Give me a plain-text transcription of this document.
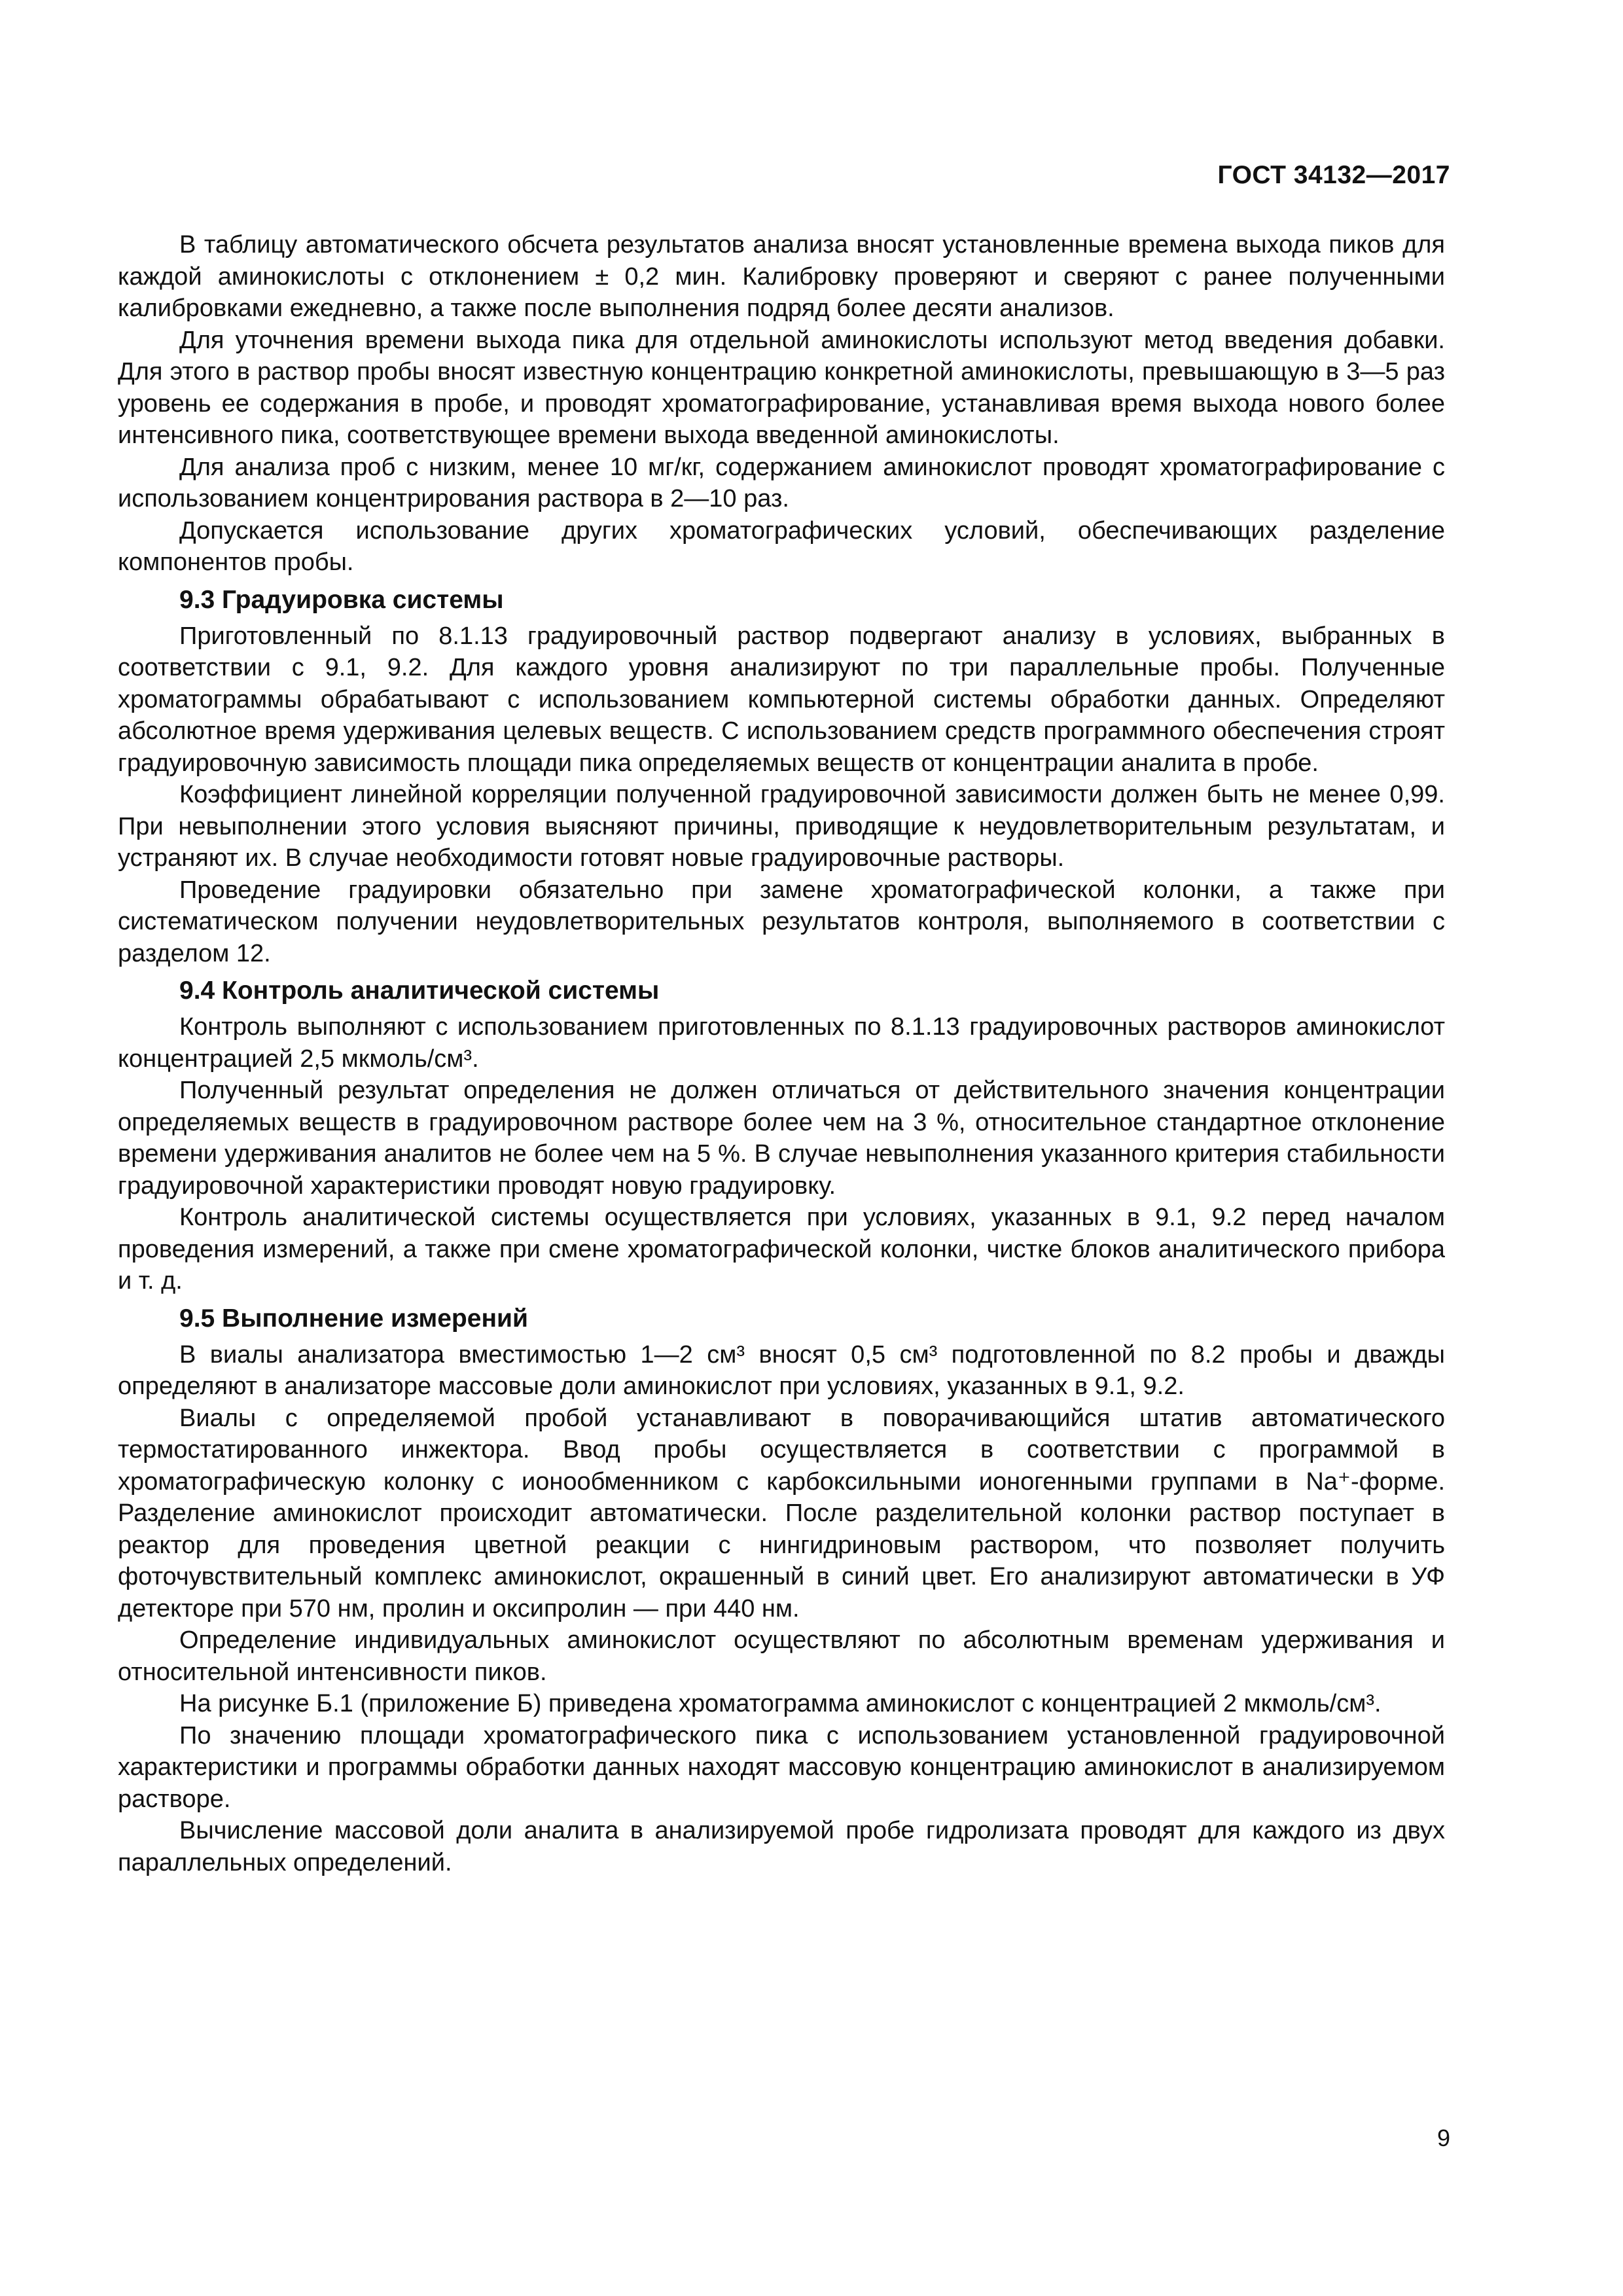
ГОСТ 34132—2017

В таблицу автоматического обсчета результатов анализа вносят установленные времена выхода пиков для каждой аминокислоты с отклонением ± 0,2 мин. Калибровку проверяют и сверяют с ранее полученными калибровками ежедневно, а также после выполнения подряд более десяти анализов.

Для уточнения времени выхода пика для отдельной аминокислоты используют метод введения добавки. Для этого в раствор пробы вносят известную концентрацию конкретной аминокислоты, превышающую в 3—5 раз уровень ее содержания в пробе, и проводят хроматографирование, устанавливая время выхода нового более интенсивного пика, соответствующее времени выхода введенной аминокислоты.

Для анализа проб с низким, менее 10 мг/кг, содержанием аминокислот проводят хроматографирование с использованием концентрирования раствора в 2—10 раз.

Допускается использование других хроматографических условий, обеспечивающих разделение компонентов пробы.

9.3 Градуировка системы

Приготовленный по 8.1.13 градуировочный раствор подвергают анализу в условиях, выбранных в соответствии с 9.1, 9.2. Для каждого уровня анализируют по три параллельные пробы. Полученные хроматограммы обрабатывают с использованием компьютерной системы обработки данных. Определяют абсолютное время удерживания целевых веществ. С использованием средств программного обеспечения строят градуировочную зависимость площади пика определяемых веществ от концентрации аналита в пробе.

Коэффициент линейной корреляции полученной градуировочной зависимости должен быть не менее 0,99. При невыполнении этого условия выясняют причины, приводящие к неудовлетворительным результатам, и устраняют их. В случае необходимости готовят новые градуировочные растворы.

Проведение градуировки обязательно при замене хроматографической колонки, а также при систематическом получении неудовлетворительных результатов контроля, выполняемого в соответствии с разделом 12.

9.4 Контроль аналитической системы

Контроль выполняют с использованием приготовленных по 8.1.13 градуировочных растворов аминокислот концентрацией 2,5 мкмоль/см³.

Полученный результат определения не должен отличаться от действительного значения концентрации определяемых веществ в градуировочном растворе более чем на 3 %, относительное стандартное отклонение времени удерживания аналитов не более чем на 5 %. В случае невыполнения указанного критерия стабильности градуировочной характеристики проводят новую градуировку.

Контроль аналитической системы осуществляется при условиях, указанных в 9.1, 9.2 перед началом проведения измерений, а также при смене хроматографической колонки, чистке блоков аналитического прибора и т. д.

9.5 Выполнение измерений

В виалы анализатора вместимостью 1—2 см³ вносят 0,5 см³ подготовленной по 8.2 пробы и дважды определяют в анализаторе массовые доли аминокислот при условиях, указанных в 9.1, 9.2.

Виалы с определяемой пробой устанавливают в поворачивающийся штатив автоматического термостатированного инжектора. Ввод пробы осуществляется в соответствии с программой в хроматографическую колонку с ионообменником с карбоксильными ионогенными группами в Na⁺-форме. Разделение аминокислот происходит автоматически. После разделительной колонки раствор поступает в реактор для проведения цветной реакции с нингидриновым раствором, что позволяет получить фоточувствительный комплекс аминокислот, окрашенный в синий цвет. Его анализируют автоматически в УФ детекторе при 570 нм, пролин и оксипролин — при 440 нм.

Определение индивидуальных аминокислот осуществляют по абсолютным временам удерживания и относительной интенсивности пиков.

На рисунке Б.1 (приложение Б) приведена хроматограмма аминокислот с концентрацией 2 мкмоль/см³.

По значению площади хроматографического пика с использованием установленной градуировочной характеристики и программы обработки данных находят массовую концентрацию аминокислот в анализируемом растворе.

Вычисление массовой доли аналита в анализируемой пробе гидролизата проводят для каждого из двух параллельных определений.

9
